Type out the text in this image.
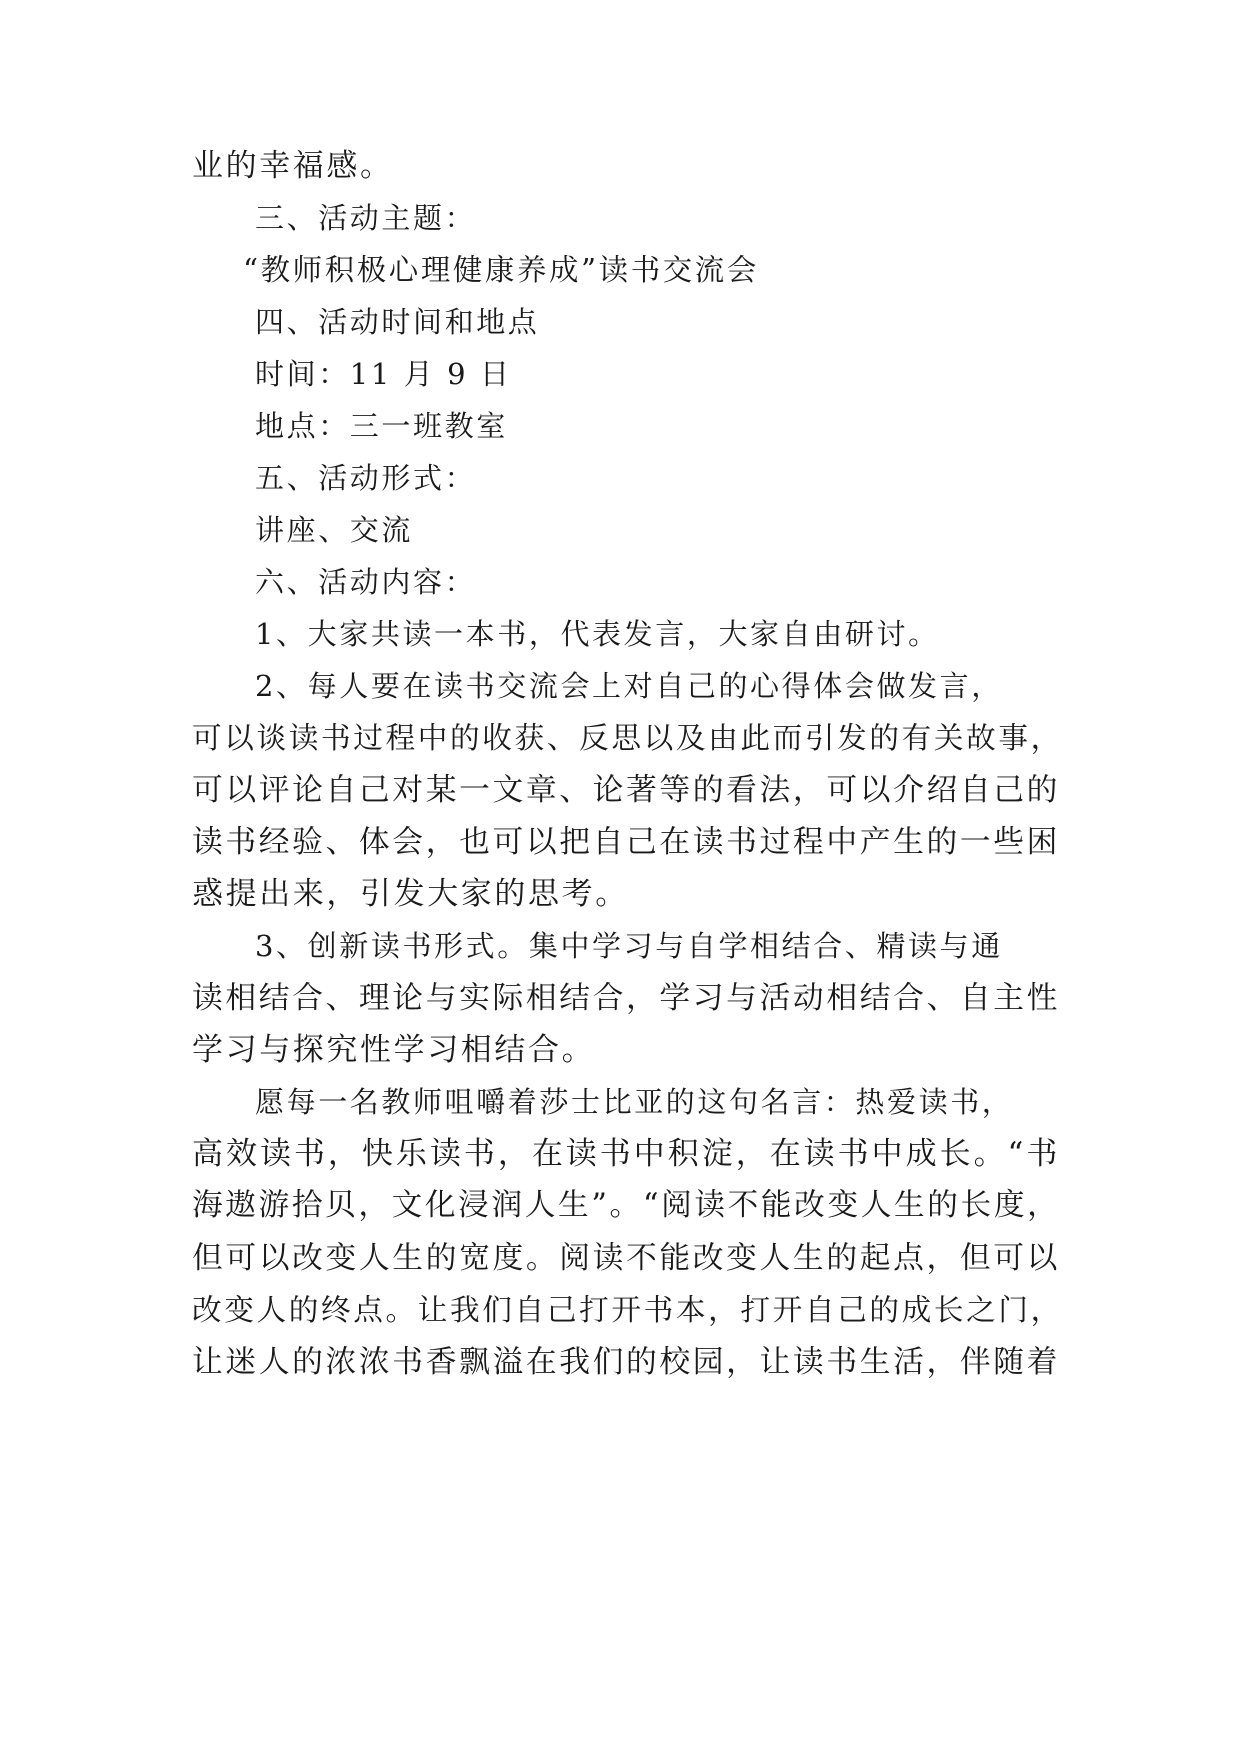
业的幸福感。
三、活动主题：
“教师积极心理健康养成”读书交流会
四、活动时间和地点
时间：11 月 9 日
地点：三一班教室
五、活动形式：
讲座、交流
六、活动内容：
1、大家共读一本书，代表发言，大家自由研讨。
2、每人要在读书交流会上对自己的心得体会做发言，
可以谈读书过程中的收获、反思以及由此而引发的有关故事，
可以评论自己对某一文章、论著等的看法，可以介绍自己的
读书经验、体会，也可以把自己在读书过程中产生的一些困
惑提出来，引发大家的思考。
3、创新读书形式。集中学习与自学相结合、精读与通
读相结合、理论与实际相结合，学习与活动相结合、自主性
学习与探究性学习相结合。
愿每一名教师咀嚼着莎士比亚的这句名言：热爱读书，
高效读书，快乐读书，在读书中积淀，在读书中成长。“书
海遨游拾贝，文化浸润人生”。“阅读不能改变人生的长度，
但可以改变人生的宽度。阅读不能改变人生的起点，但可以
改变人的终点。让我们自己打开书本，打开自己的成长之门，
让迷人的浓浓书香飘溢在我们的校园，让读书生活，伴随着
